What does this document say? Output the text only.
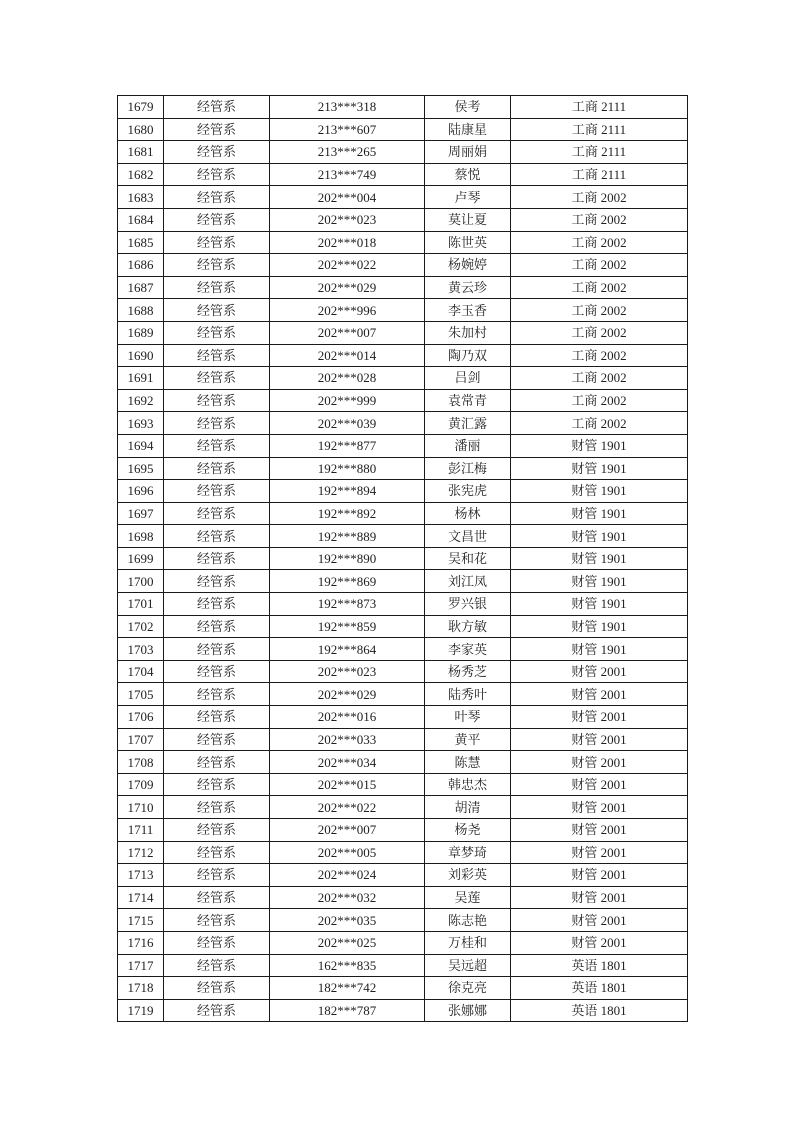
1679	经管系	213***318	侯考	工商 2111
1680	经管系	213***607	陆康星	工商 2111
1681	经管系	213***265	周丽娟	工商 2111
1682	经管系	213***749	蔡悦	工商 2111
1683	经管系	202***004	卢琴	工商 2002
1684	经管系	202***023	莫让夏	工商 2002
1685	经管系	202***018	陈世英	工商 2002
1686	经管系	202***022	杨婉婷	工商 2002
1687	经管系	202***029	黄云珍	工商 2002
1688	经管系	202***996	李玉香	工商 2002
1689	经管系	202***007	朱加村	工商 2002
1690	经管系	202***014	陶乃双	工商 2002
1691	经管系	202***028	吕剑	工商 2002
1692	经管系	202***999	袁常青	工商 2002
1693	经管系	202***039	黄汇露	工商 2002
1694	经管系	192***877	潘丽	财管 1901
1695	经管系	192***880	彭江梅	财管 1901
1696	经管系	192***894	张宪虎	财管 1901
1697	经管系	192***892	杨林	财管 1901
1698	经管系	192***889	文昌世	财管 1901
1699	经管系	192***890	吴和花	财管 1901
1700	经管系	192***869	刘江凤	财管 1901
1701	经管系	192***873	罗兴银	财管 1901
1702	经管系	192***859	耿方敏	财管 1901
1703	经管系	192***864	李家英	财管 1901
1704	经管系	202***023	杨秀芝	财管 2001
1705	经管系	202***029	陆秀叶	财管 2001
1706	经管系	202***016	叶琴	财管 2001
1707	经管系	202***033	黄平	财管 2001
1708	经管系	202***034	陈慧	财管 2001
1709	经管系	202***015	韩忠杰	财管 2001
1710	经管系	202***022	胡清	财管 2001
1711	经管系	202***007	杨尧	财管 2001
1712	经管系	202***005	章梦琦	财管 2001
1713	经管系	202***024	刘彩英	财管 2001
1714	经管系	202***032	吴莲	财管 2001
1715	经管系	202***035	陈志艳	财管 2001
1716	经管系	202***025	万桂和	财管 2001
1717	经管系	162***835	吴远超	英语 1801
1718	经管系	182***742	徐克亮	英语 1801
1719	经管系	182***787	张娜娜	英语 1801
